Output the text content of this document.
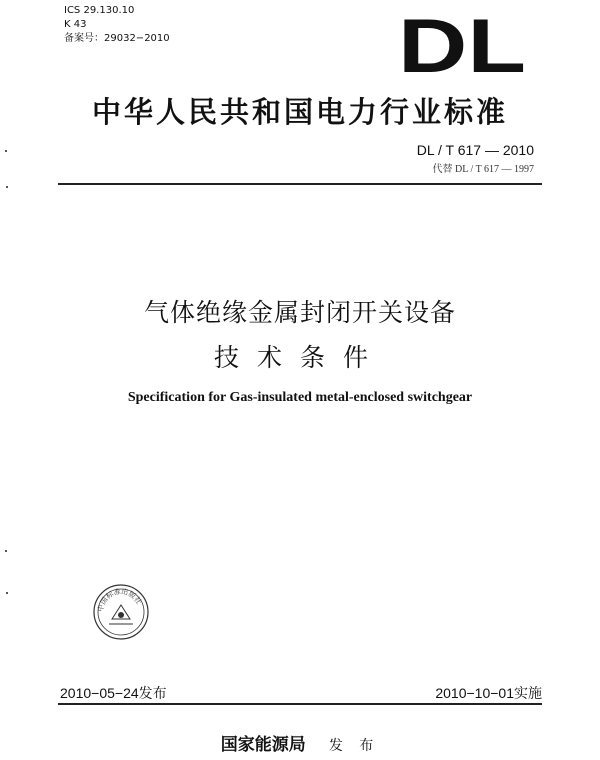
ICS 29.130.10
K 43
备案号：29032−2010	DL
中华人民共和国电力行业标准
DL / T 617 — 2010
代替 DL / T 617 — 1997
气体绝缘金属封闭开关设备
技术条件
Specification for Gas-insulated metal-enclosed switchgear
中国标准出版社
2010−05−24发布	2010−10−01实施
国家能源局 发 布
